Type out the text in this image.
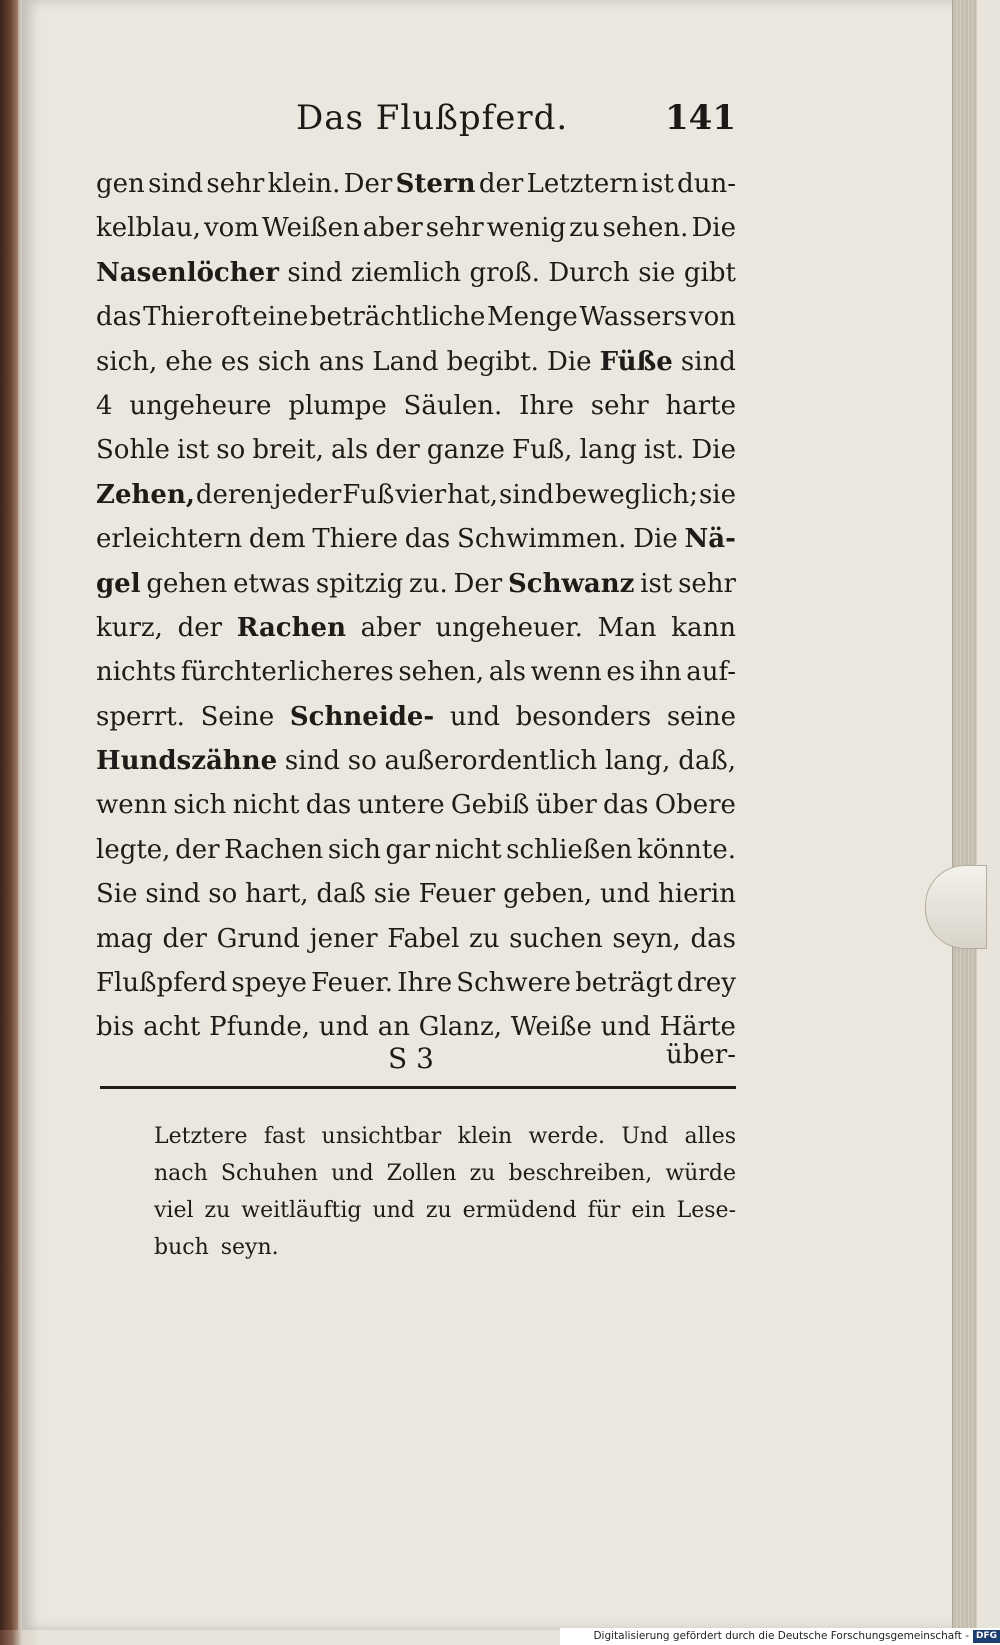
Das Flußpferd.	141
gen sind sehr klein. Der Stern der Letztern ist dun-
kelblau, vom Weißen aber sehr wenig zu sehen. Die
Nasenlöcher sind ziemlich groß. Durch sie gibt
das Thier oft eine beträchtliche Menge Wassers von
sich, ehe es sich ans Land begibt. Die Füße sind
4 ungeheure plumpe Säulen. Ihre sehr harte
Sohle ist so breit, als der ganze Fuß, lang ist. Die
Zehen, deren jeder Fuß vier hat, sind beweglich; sie
erleichtern dem Thiere das Schwimmen. Die Nä-
gel gehen etwas spitzig zu. Der Schwanz ist sehr
kurz, der Rachen aber ungeheuer. Man kann
nichts fürchterlicheres sehen, als wenn es ihn auf-
sperrt. Seine Schneide- und besonders seine
Hundszähne sind so außerordentlich lang, daß,
wenn sich nicht das untere Gebiß über das Obere
legte, der Rachen sich gar nicht schließen könnte.
Sie sind so hart, daß sie Feuer geben, und hierin
mag der Grund jener Fabel zu suchen seyn, das
Flußpferd speye Feuer. Ihre Schwere beträgt drey
bis acht Pfunde, und an Glanz, Weiße und Härte
S 3	über-
Letztere fast unsichtbar klein werde. Und alles
nach Schuhen und Zollen zu beschreiben, würde
viel zu weitläuftig und zu ermüdend für ein Lese-
buch seyn.
Digitalisierung gefördert durch die Deutsche Forschungsgemeinschaft - DFG
